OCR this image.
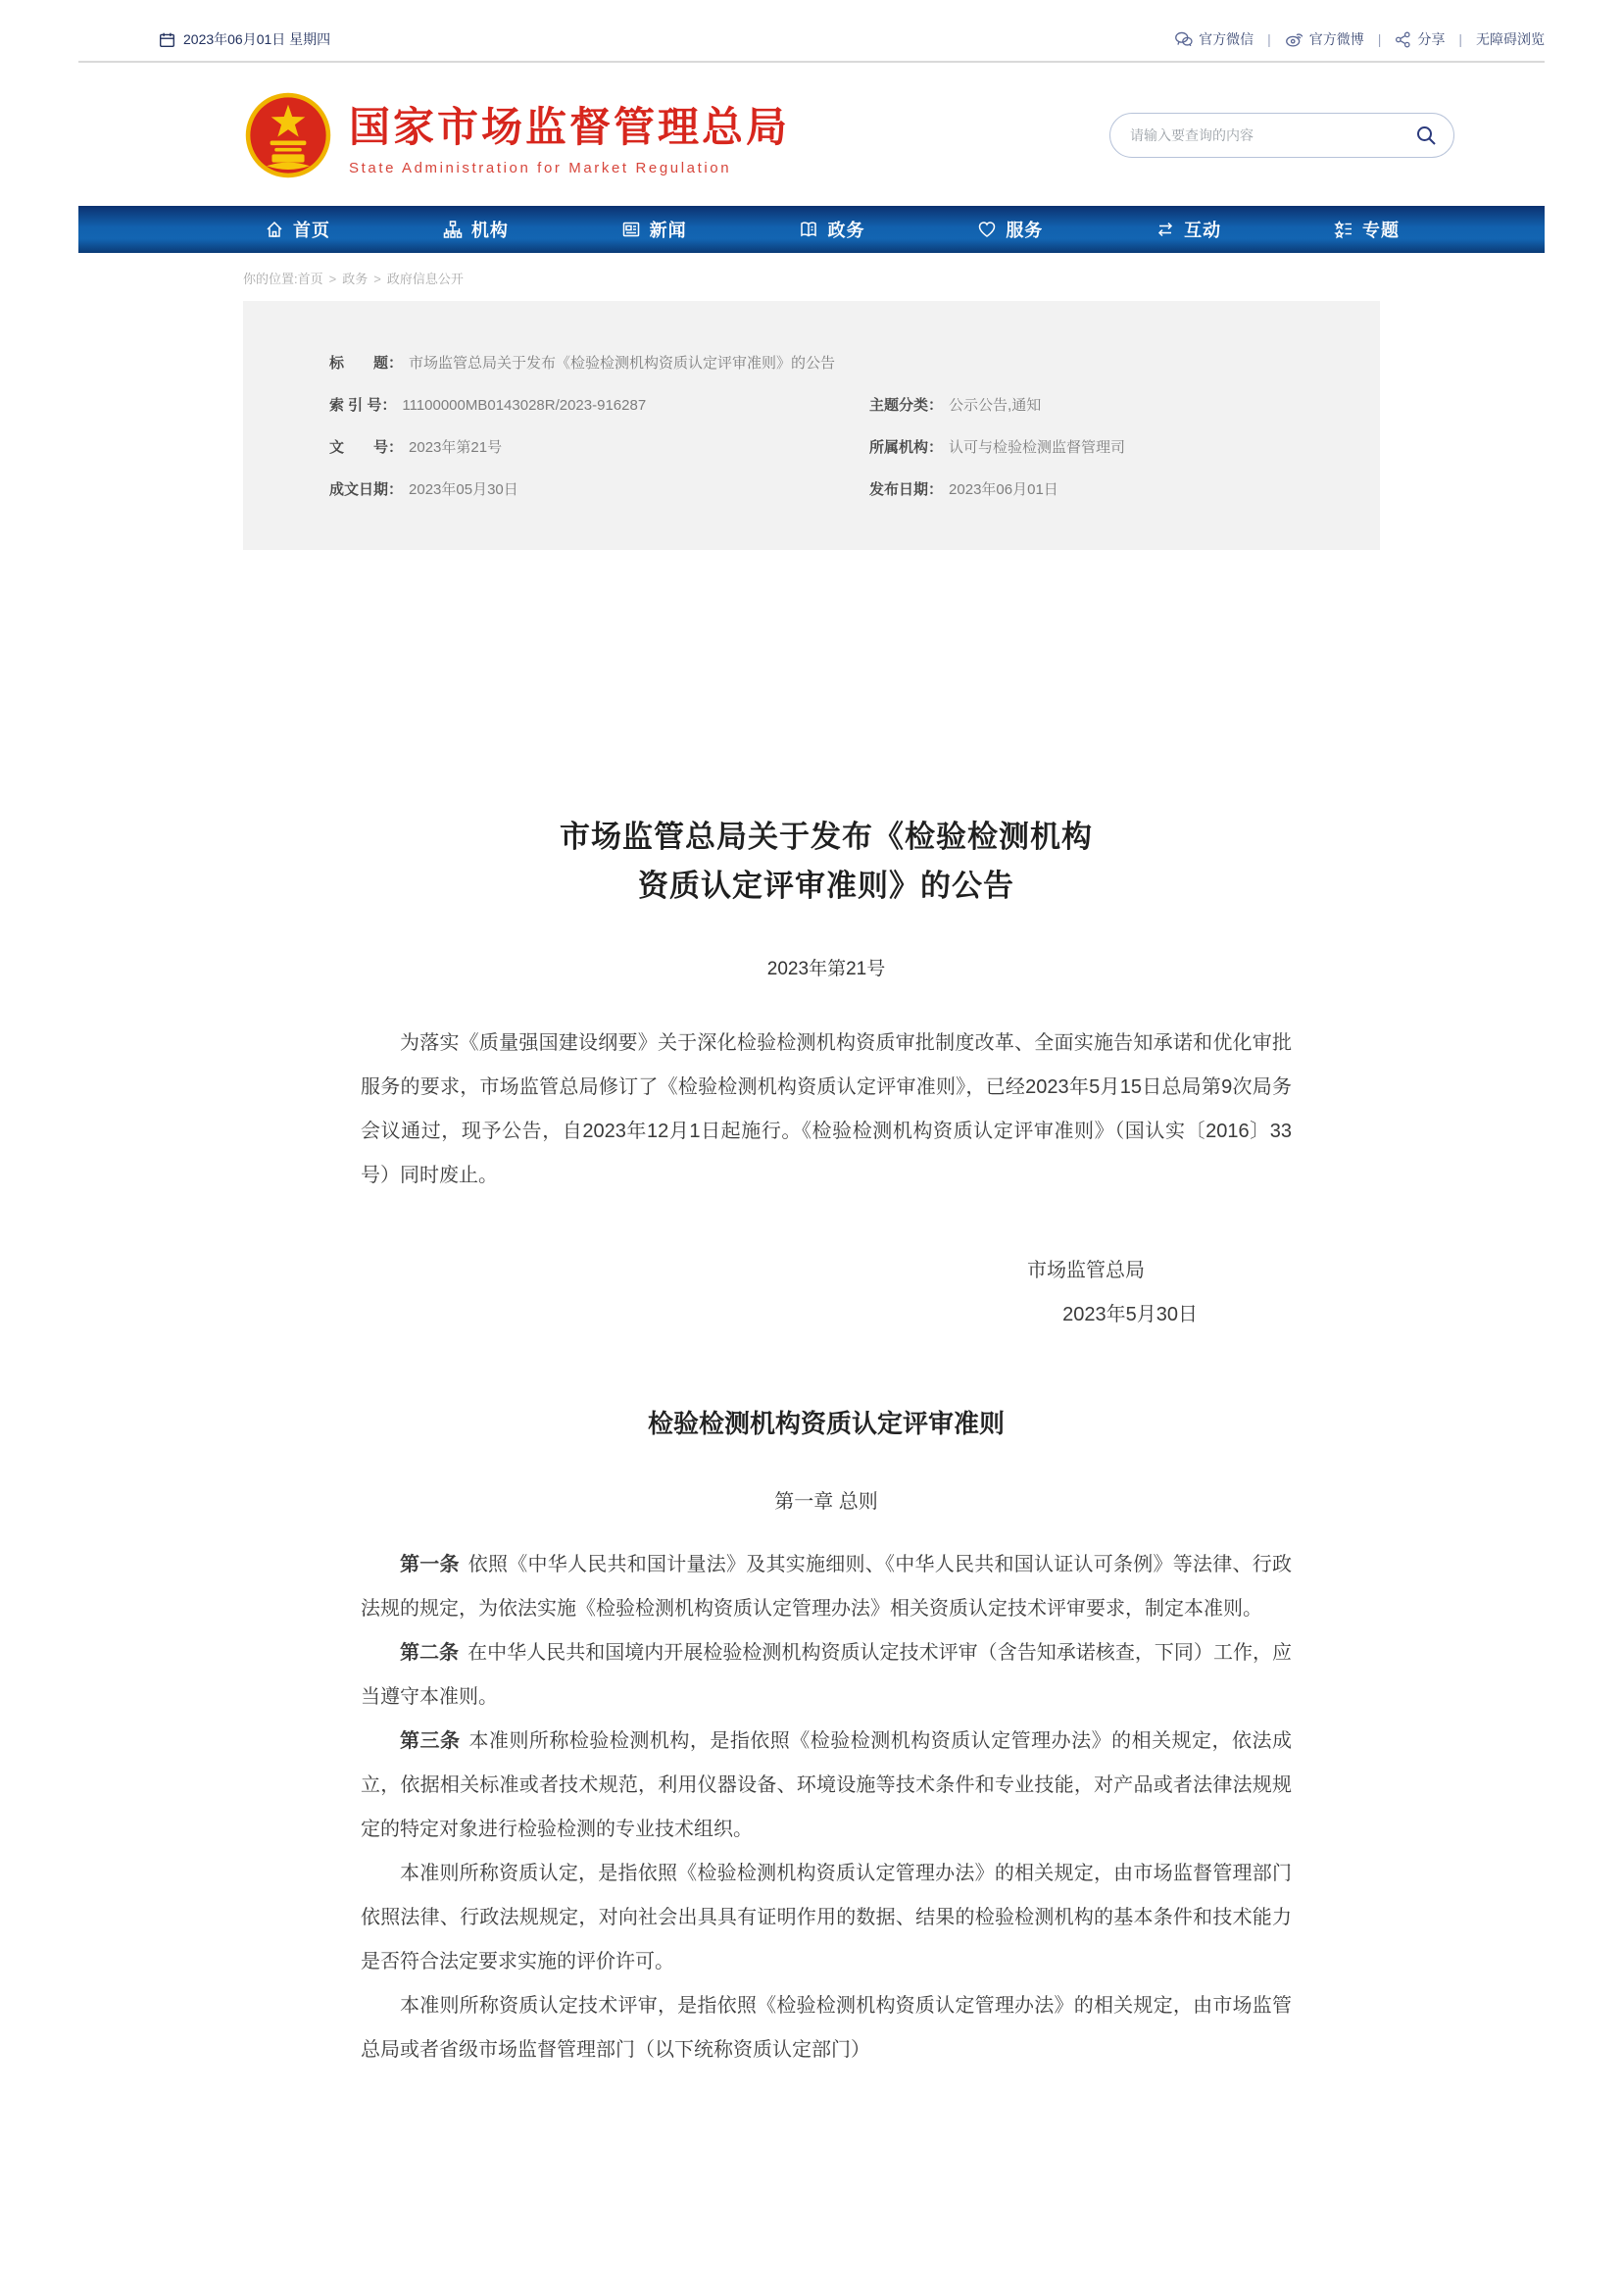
2023年06月01日 星期四	官方微信 |	官方微博 |	分享 | 无障碍浏览
国家市场监督管理总局
State Administration for Market Regulation
请输入要查询的内容
首页	机构	新闻	政务	服务	互动	专题
你的位置:首页 > 政务 > 政府信息公开
标　　题： 市场监管总局关于发布《检验检测机构资质认定评审准则》的公告
索 引 号： 11100000MB0143028R/2023-916287	主题分类： 公示公告,通知
文　　号： 2023年第21号	所属机构： 认可与检验检测监督管理司
成文日期： 2023年05月30日	发布日期： 2023年06月01日
市场监管总局关于发布《检验检测机构
资质认定评审准则》的公告
2023年第21号

为落实《质量强国建设纲要》关于深化检验检测机构资质审批制度改革、全面实施告知承诺和优化审批服务的要求，市场监管总局修订了《检验检测机构资质认定评审准则》，已经2023年5月15日总局第9次局务会议通过，现予公告，自2023年12月1日起施行。《检验检测机构资质认定评审准则》（国认实〔2016〕33号）同时废止。

市场监管总局
2023年5月30日
检验检测机构资质认定评审准则
第一章 总则

第一条 依照《中华人民共和国计量法》及其实施细则、《中华人民共和国认证认可条例》等法律、行政法规的规定，为依法实施《检验检测机构资质认定管理办法》相关资质认定技术评审要求，制定本准则。

第二条 在中华人民共和国境内开展检验检测机构资质认定技术评审（含告知承诺核查，下同）工作，应当遵守本准则。

第三条 本准则所称检验检测机构，是指依照《检验检测机构资质认定管理办法》的相关规定，依法成立，依据相关标准或者技术规范，利用仪器设备、环境设施等技术条件和专业技能，对产品或者法律法规规定的特定对象进行检验检测的专业技术组织。

本准则所称资质认定，是指依照《检验检测机构资质认定管理办法》的相关规定，由市场监督管理部门依照法律、行政法规规定，对向社会出具具有证明作用的数据、结果的检验检测机构的基本条件和技术能力是否符合法定要求实施的评价许可。

本准则所称资质认定技术评审，是指依照《检验检测机构资质认定管理办法》的相关规定，由市场监管总局或者省级市场监督管理部门（以下统称资质认定部门）
